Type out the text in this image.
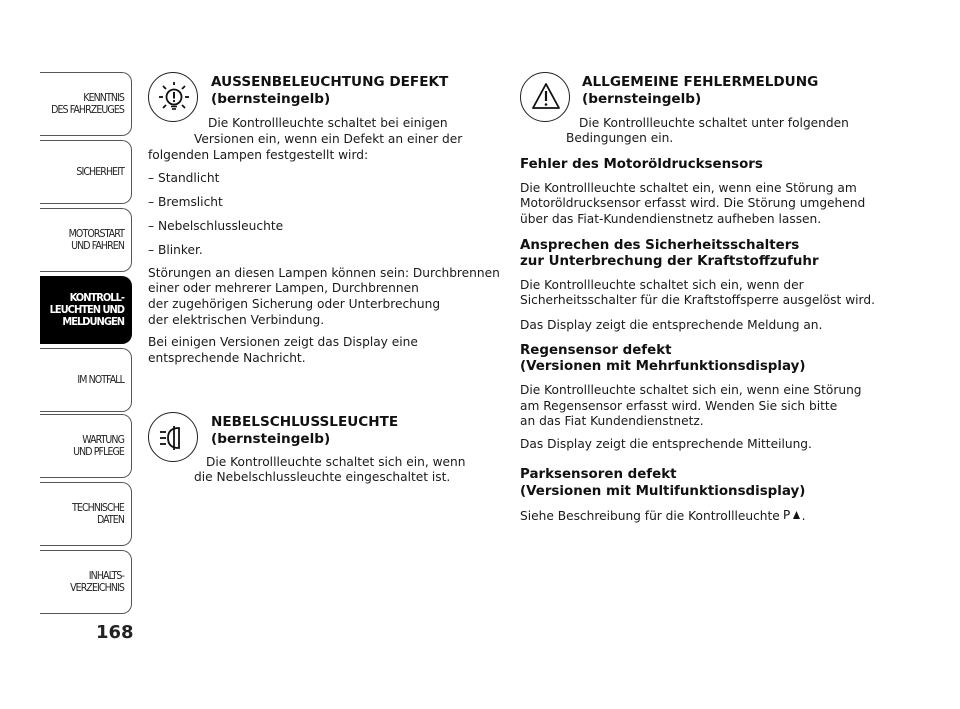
KENNTNIS
DES FAHRZEUGES
SICHERHEIT
MOTORSTART
UND FAHREN
KONTROLL-
LEUCHTEN UND
MELDUNGEN
IM NOTFALL
WARTUNG
UND PFLEGE
TECHNISCHE
DATEN
INHALTS-
VERZEICHNIS
168
AUSSENBELEUCHTUNG DEFEKT
(bernsteingelb)
Die Kontrollleuchte schaltet bei einigen
Versionen ein, wenn ein Defekt an einer der
folgenden Lampen festgestellt wird:
– Standlicht
– Bremslicht
– Nebelschlussleuchte
– Blinker.
Störungen an diesen Lampen können sein: Durchbrennen
einer oder mehrerer Lampen, Durchbrennen
der zugehörigen Sicherung oder Unterbrechung
der elektrischen Verbindung.
Bei einigen Versionen zeigt das Display eine
entsprechende Nachricht.
NEBELSCHLUSSLEUCHTE
(bernsteingelb)
Die Kontrollleuchte schaltet sich ein, wenn
die Nebelschlussleuchte eingeschaltet ist.
ALLGEMEINE FEHLERMELDUNG
(bernsteingelb)
Die Kontrollleuchte schaltet unter folgenden
Bedingungen ein.
Fehler des Motoröldrucksensors
Die Kontrollleuchte schaltet ein, wenn eine Störung am
Motoröldrucksensor erfasst wird. Die Störung umgehend
über das Fiat-Kundendienstnetz aufheben lassen.
Ansprechen des Sicherheitsschalters
zur Unterbrechung der Kraftstoffzufuhr
Die Kontrollleuchte schaltet sich ein, wenn der
Sicherheitsschalter für die Kraftstoffsperre ausgelöst wird.
Das Display zeigt die entsprechende Meldung an.
Regensensor defekt
(Versionen mit Mehrfunktionsdisplay)
Die Kontrollleuchte schaltet sich ein, wenn eine Störung
am Regensensor erfasst wird. Wenden Sie sich bitte
an das Fiat Kundendienstnetz.
Das Display zeigt die entsprechende Mitteilung.
Parksensoren defekt
(Versionen mit Multifunktionsdisplay)
Siehe Beschreibung für die Kontrollleuchte P .
